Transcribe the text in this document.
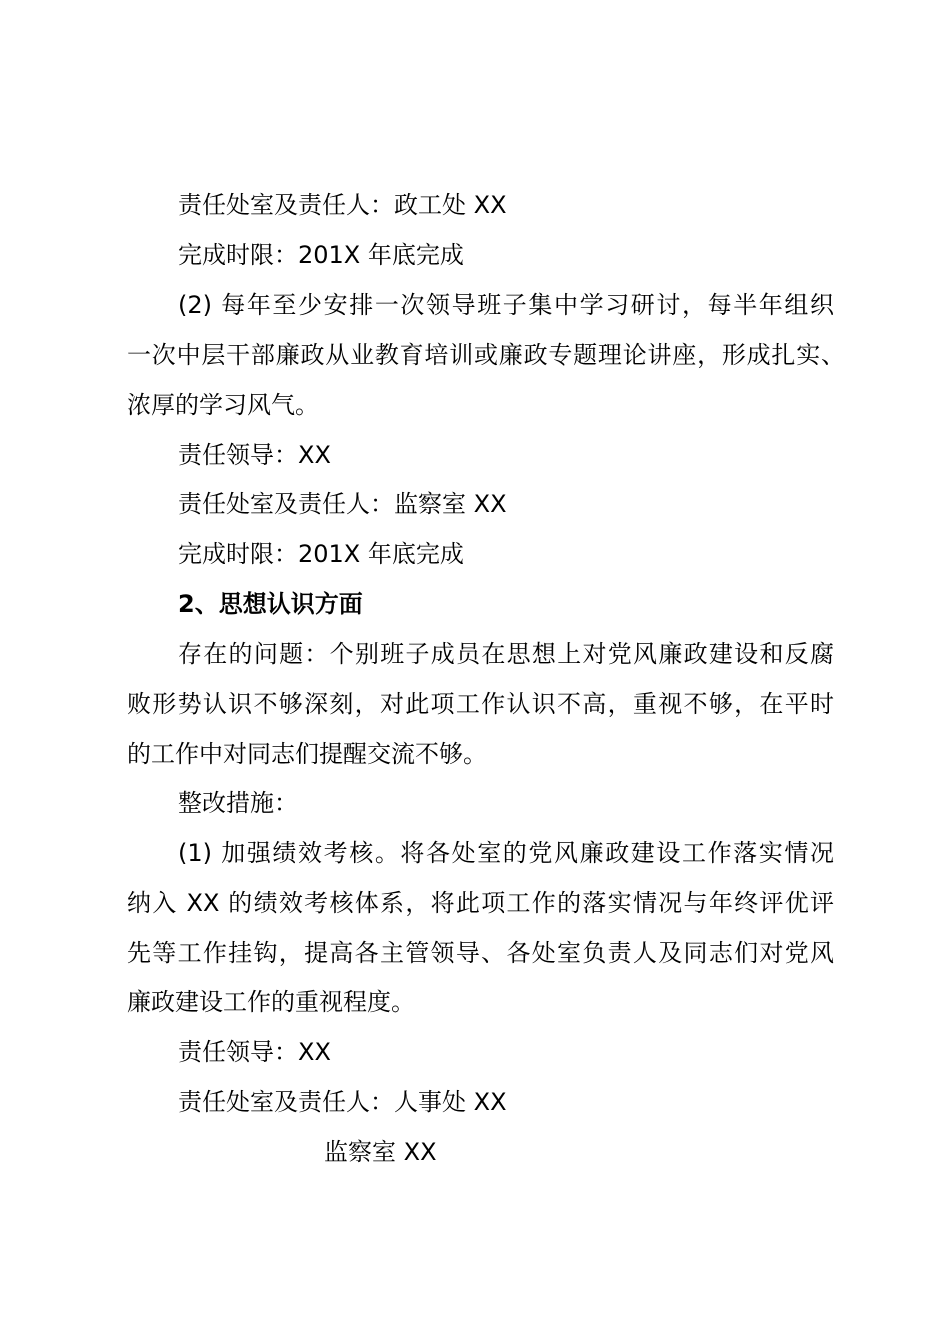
责任处室及责任人：政工处 XX
完成时限：201X 年底完成
(2) 每年至少安排一次领导班子集中学习研讨，每半年组织
一次中层干部廉政从业教育培训或廉政专题理论讲座，形成扎实、
浓厚的学习风气。
责任领导：XX
责任处室及责任人：监察室 XX
完成时限：201X 年底完成
2、思想认识方面
存在的问题：个别班子成员在思想上对党风廉政建设和反腐
败形势认识不够深刻，对此项工作认识不高，重视不够，在平时
的工作中对同志们提醒交流不够。
整改措施：
(1) 加强绩效考核。将各处室的党风廉政建设工作落实情况
纳入 XX 的绩效考核体系，将此项工作的落实情况与年终评优评
先等工作挂钩，提高各主管领导、各处室负责人及同志们对党风
廉政建设工作的重视程度。
责任领导：XX
责任处室及责任人：人事处 XX
监察室 XX
